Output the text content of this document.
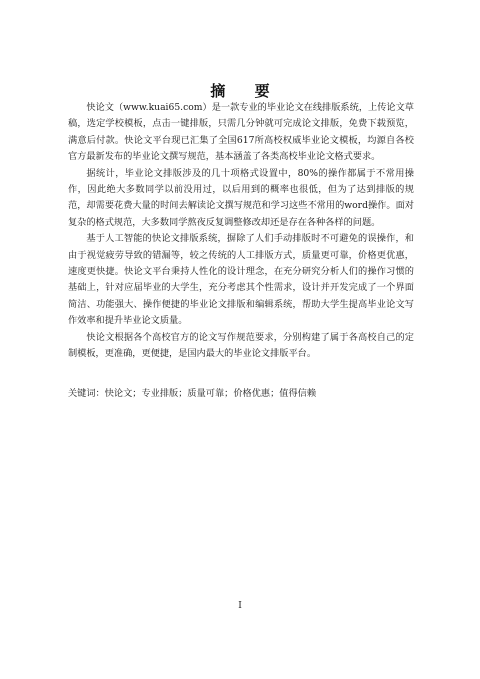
摘 要

快论文（www.kuai65.com）是一款专业的毕业论文在线排版系统，上传论文草稿，选定学校模板，点击一键排版，只需几分钟就可完成论文排版，免费下载预览，满意后付款。快论文平台现已汇集了全国617所高校权威毕业论文模板，均源自各校官方最新发布的毕业论文撰写规范，基本涵盖了各类高校毕业论文格式要求。

据统计，毕业论文排版涉及的几十项格式设置中，80%的操作都属于不常用操作，因此绝大多数同学以前没用过，以后用到的概率也很低，但为了达到排版的规范，却需要花费大量的时间去解读论文撰写规范和学习这些不常用的word操作。面对复杂的格式规范，大多数同学熬夜反复调整修改却还是存在各种各样的问题。

基于人工智能的快论文排版系统，摒除了人们手动排版时不可避免的误操作，和由于视觉疲劳导致的错漏等，较之传统的人工排版方式，质量更可靠，价格更优惠，速度更快捷。快论文平台秉持人性化的设计理念，在充分研究分析人们的操作习惯的基础上，针对应届毕业的大学生，充分考虑其个性需求，设计并开发完成了一个界面简洁、功能强大、操作便捷的毕业论文排版和编辑系统，帮助大学生提高毕业论文写作效率和提升毕业论文质量。

快论文根据各个高校官方的论文写作规范要求，分别构建了属于各高校自己的定制模板，更准确，更便捷，是国内最大的毕业论文排版平台。

关键词：快论文；专业排版；质量可靠；价格优惠；值得信赖
I
